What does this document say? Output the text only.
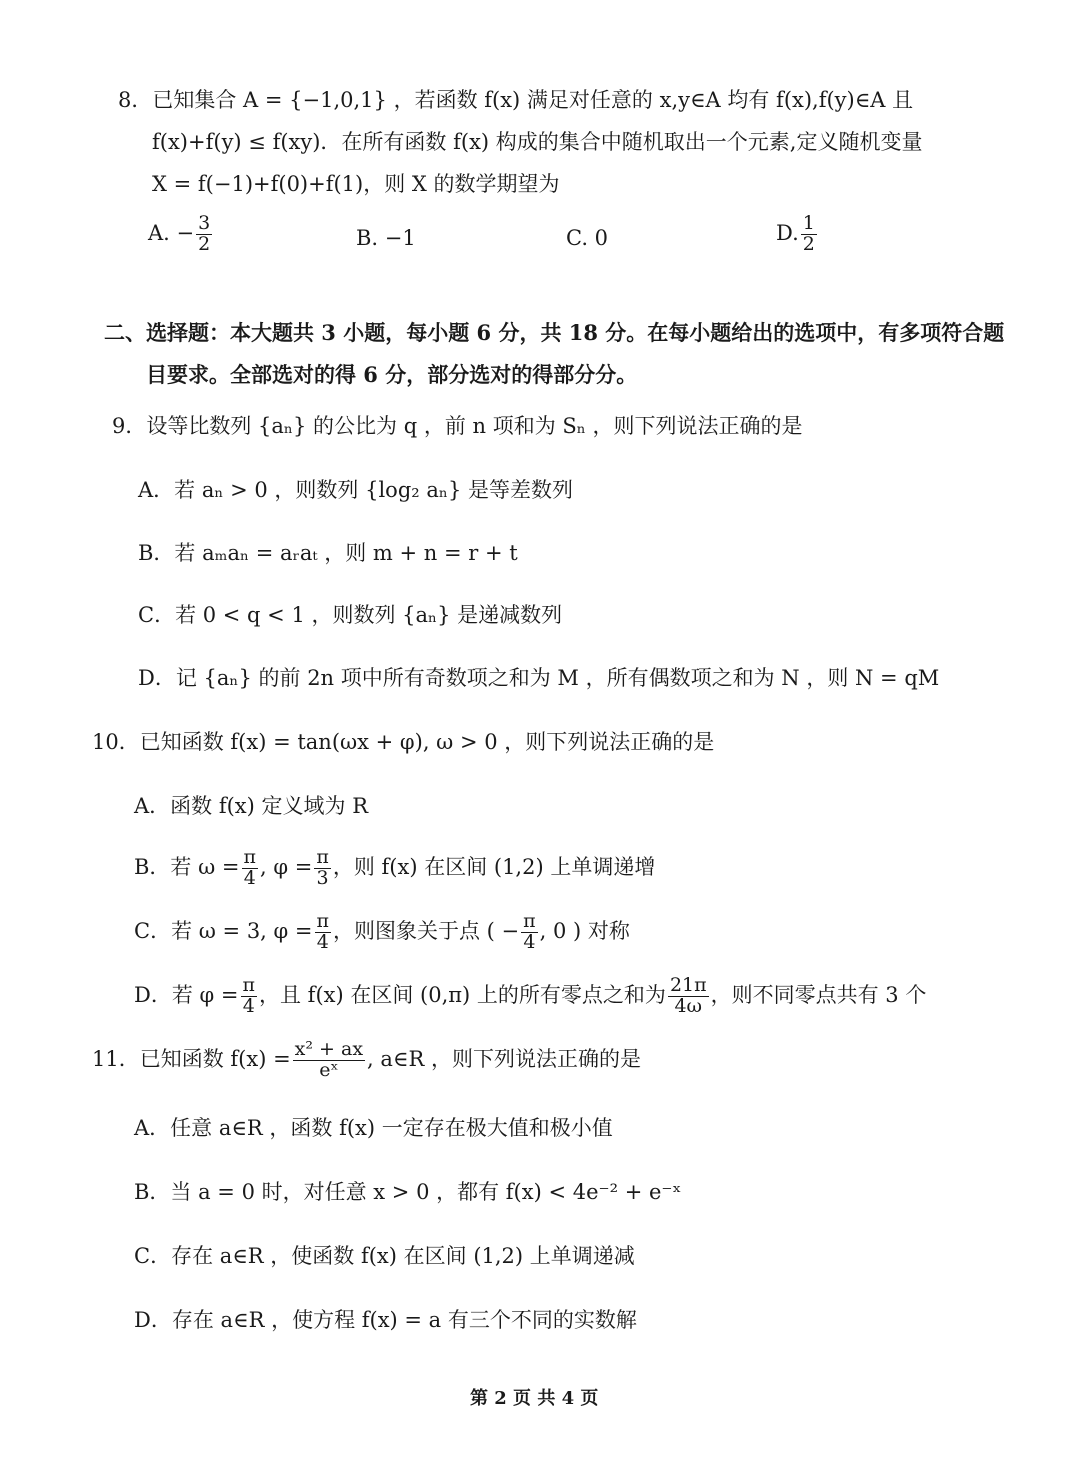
8．已知集合 A = {−1,0,1} ，若函数 f(x) 满足对任意的 x,y∈A 均有 f(x),f(y)∈A 且
f(x)+f(y) ≤ f(xy)．在所有函数 f(x) 构成的集合中随机取出一个元素,定义随机变量
X = f(−1)+f(0)+f(1)，则 X 的数学期望为
A. − $\frac{3}{2}$	B. −1	C. 0	D. $\frac{1}{2}$
二、选择题：本大题共 3 小题，每小题 6 分，共 18 分。在每小题给出的选项中，有多项符合题
目要求。全部选对的得 6 分，部分选对的得部分分。
9．设等比数列 {aₙ} 的公比为 q ，前 n 项和为 Sₙ ，则下列说法正确的是
A．若 aₙ > 0 ，则数列 {log₂ aₙ} 是等差数列
B．若 aₘaₙ = aᵣaₜ ，则 m + n = r + t
C．若 0 < q < 1 ，则数列 {aₙ} 是递减数列
D．记 {aₙ} 的前 2n 项中所有奇数项之和为 M ，所有偶数项之和为 N ，则 N = qM
10．已知函数 f(x) = tan(ωx + φ), ω > 0 ，则下列说法正确的是
A．函数 f(x) 定义域为 R
B．若 $\omega = \frac{\pi}{4}$ , $\varphi = \frac{\pi}{3}$ ，则 f(x) 在区间 (1,2) 上单调递增
C．若 ω = 3, $\varphi = \frac{\pi}{4}$ ，则图象关于点 ( − $\frac{\pi}{4}$ , 0 ) 对称
D．若 $\varphi = \frac{\pi}{4}$ ，且 f(x) 在区间 (0,π) 上的所有零点之和为 $\frac{21\pi}{4\omega}$ ，则不同零点共有 3 个
11．已知函数 $f(x) = \frac{\text{x² + ax}}{\text{eˣ}}$ , a∈R ，则下列说法正确的是
A．任意 a∈R ，函数 f(x) 一定存在极大值和极小值
B．当 a = 0 时，对任意 x > 0 ，都有 f(x) < 4e⁻² + e⁻ˣ
C．存在 a∈R ，使函数 f(x) 在区间 (1,2) 上单调递减
D．存在 a∈R ，使方程 f(x) = a 有三个不同的实数解
第 2 页 共 4 页
